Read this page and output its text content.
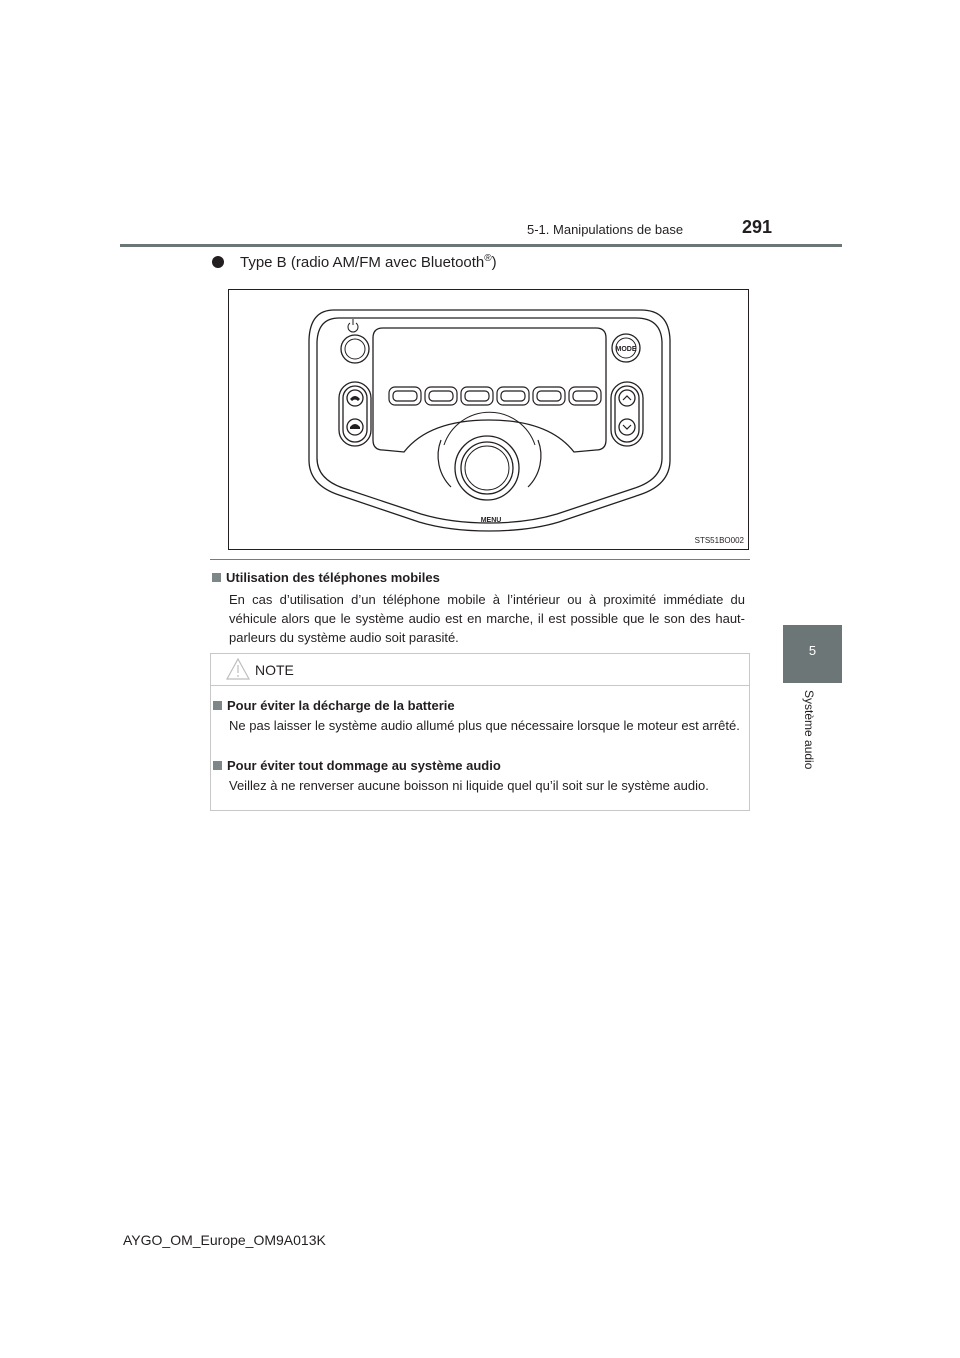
5-1. Manipulations de base	291
5
Système audio
Type B (radio AM/FM avec Bluetooth®)
MODE
MENU
STS51BO002
Utilisation des téléphones mobiles
En cas d’utilisation d’un téléphone mobile à l’intérieur ou à proximité immédiate du véhicule alors que le système audio est en marche, il est possible que le son des haut-parleurs du système audio soit parasité.
NOTE
Pour éviter la décharge de la batterie
Ne pas laisser le système audio allumé plus que nécessaire lorsque le moteur est arrêté.
Pour éviter tout dommage au système audio
Veillez à ne renverser aucune boisson ni liquide quel qu’il soit sur le système audio.
AYGO_OM_Europe_OM9A013K
